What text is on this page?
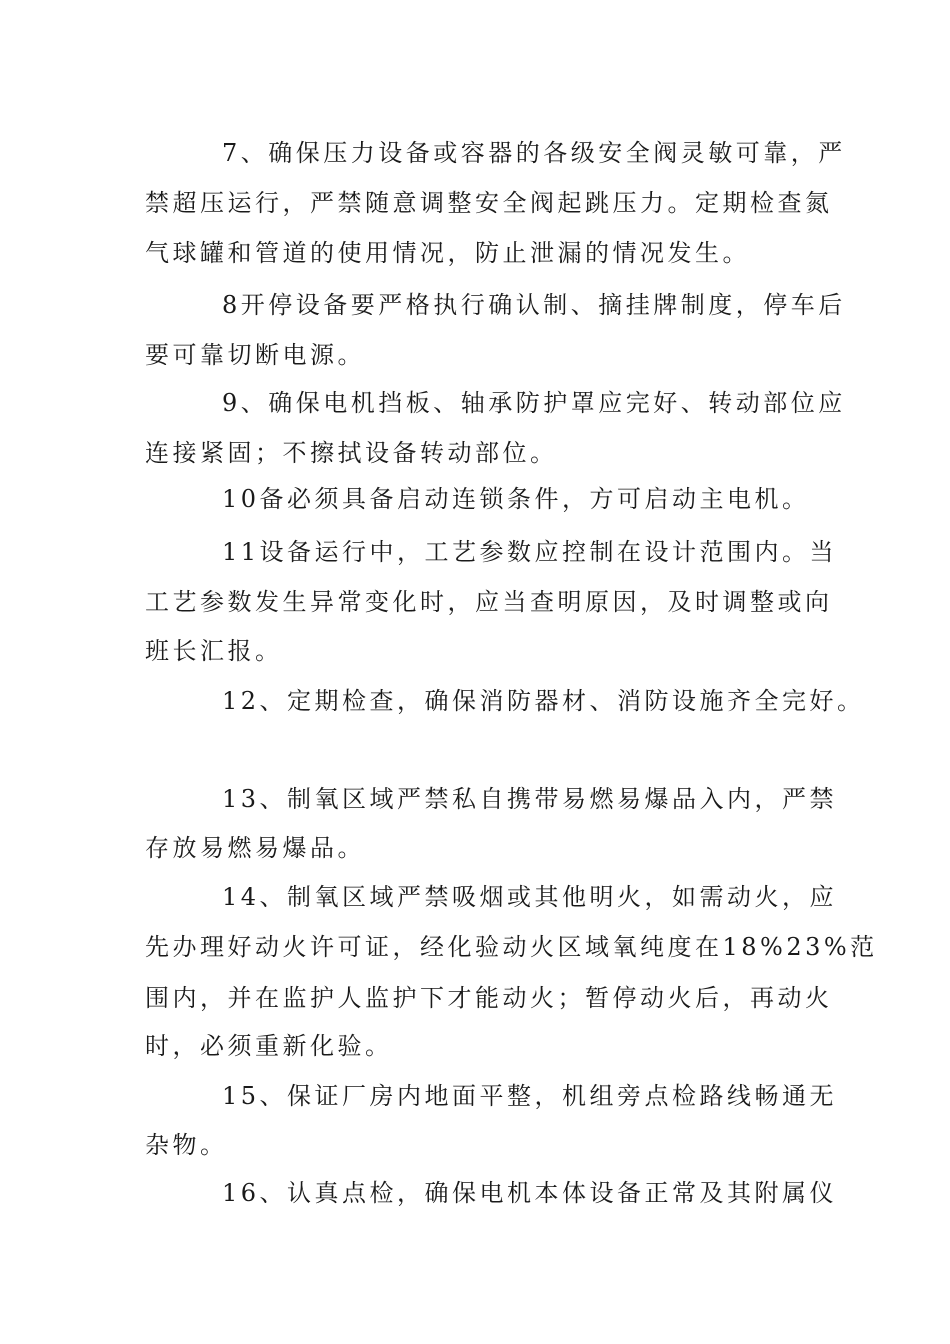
7、确保压力设备或容器的各级安全阀灵敏可靠，严
禁超压运行，严禁随意调整安全阀起跳压力。定期检查氮
气球罐和管道的使用情况，防止泄漏的情况发生。
8开停设备要严格执行确认制、摘挂牌制度，停车后
要可靠切断电源。
9、确保电机挡板、轴承防护罩应完好、转动部位应
连接紧固；不擦拭设备转动部位。
10备必须具备启动连锁条件，方可启动主电机。
11设备运行中，工艺参数应控制在设计范围内。当
工艺参数发生异常变化时，应当查明原因，及时调整或向
班长汇报。
12、定期检查，确保消防器材、消防设施齐全完好。
13、制氧区域严禁私自携带易燃易爆品入内，严禁
存放易燃易爆品。
14、制氧区域严禁吸烟或其他明火，如需动火，应
先办理好动火许可证，经化验动火区域氧纯度在18%23%范
围内，并在监护人监护下才能动火；暂停动火后，再动火
时，必须重新化验。
15、保证厂房内地面平整，机组旁点检路线畅通无
杂物。
16、认真点检，确保电机本体设备正常及其附属仪
